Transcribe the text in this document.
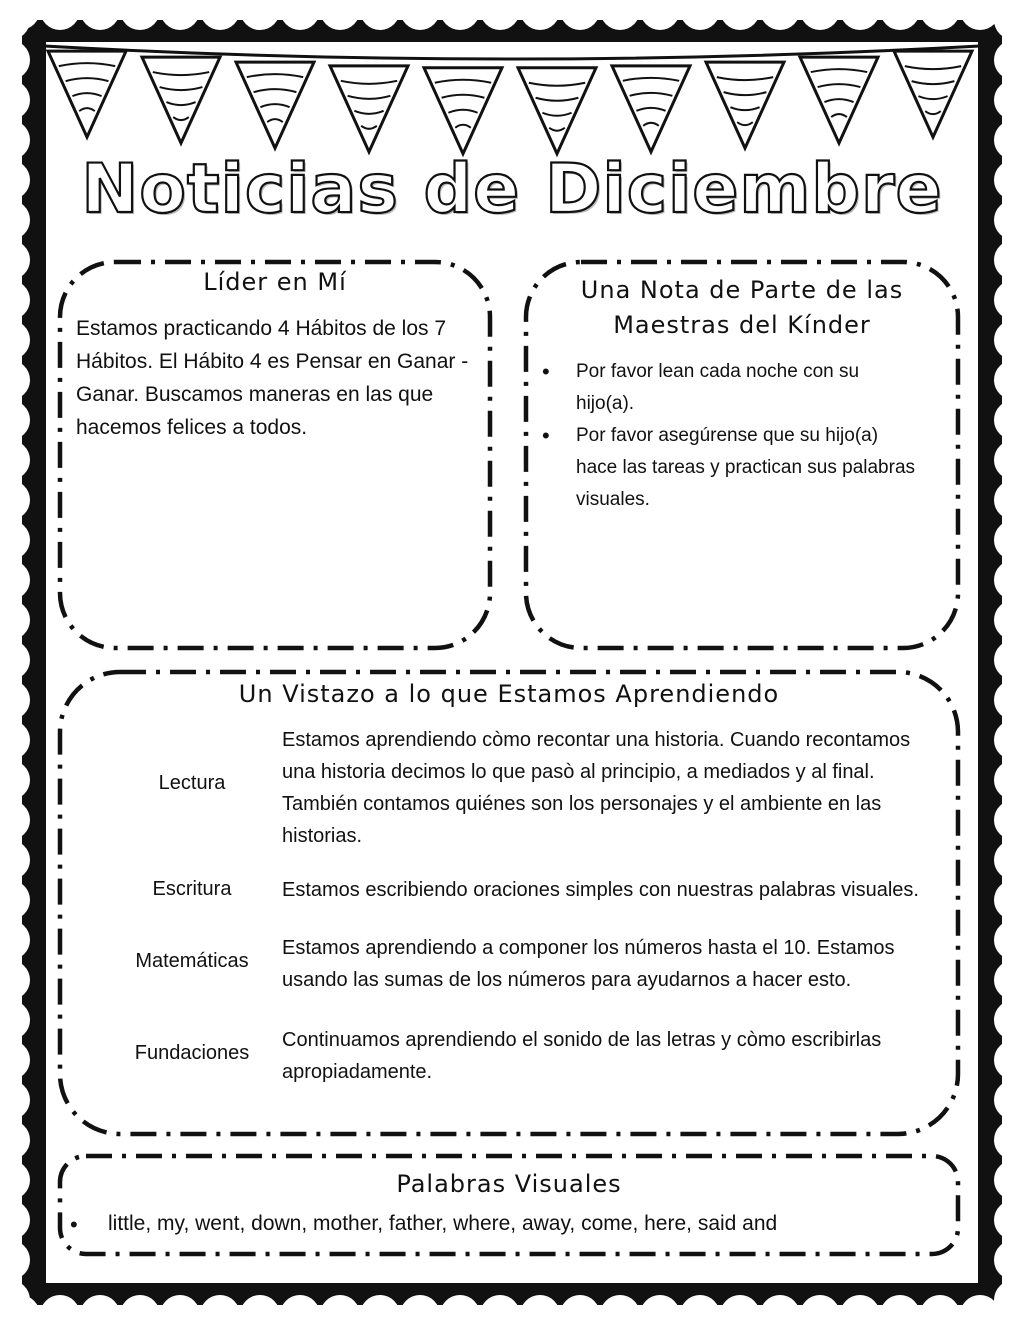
Noticias de Diciembre
Líder en Mí
Estamos practicando 4 Hábitos de los 7 Hábitos. El Hábito 4 es Pensar en Ganar -Ganar. Buscamos maneras en las que hacemos felices a todos.
Una Nota de Parte de las
Maestras del Kínder
• Por favor lean cada noche con su hijo(a).
• Por favor asegúrense que su hijo(a) hace las tareas y practican sus palabras visuales.
Un Vistazo a lo que Estamos Aprendiendo
Lectura
Estamos aprendiendo còmo recontar una historia. Cuando recontamos una historia decimos lo que pasò al principio, a mediados y al final. También contamos quiénes son los personajes y el ambiente en las historias.
Escritura	Estamos escribiendo oraciones simples con nuestras palabras visuales.
Matemáticas
Estamos aprendiendo a componer los números hasta el 10. Estamos usando las sumas de los números para ayudarnos a hacer esto.
Fundaciones
Continuamos aprendiendo el sonido de las letras y còmo escribirlas apropiadamente.
Palabras Visuales
• little, my, went, down, mother, father, where, away, come, here, said and
